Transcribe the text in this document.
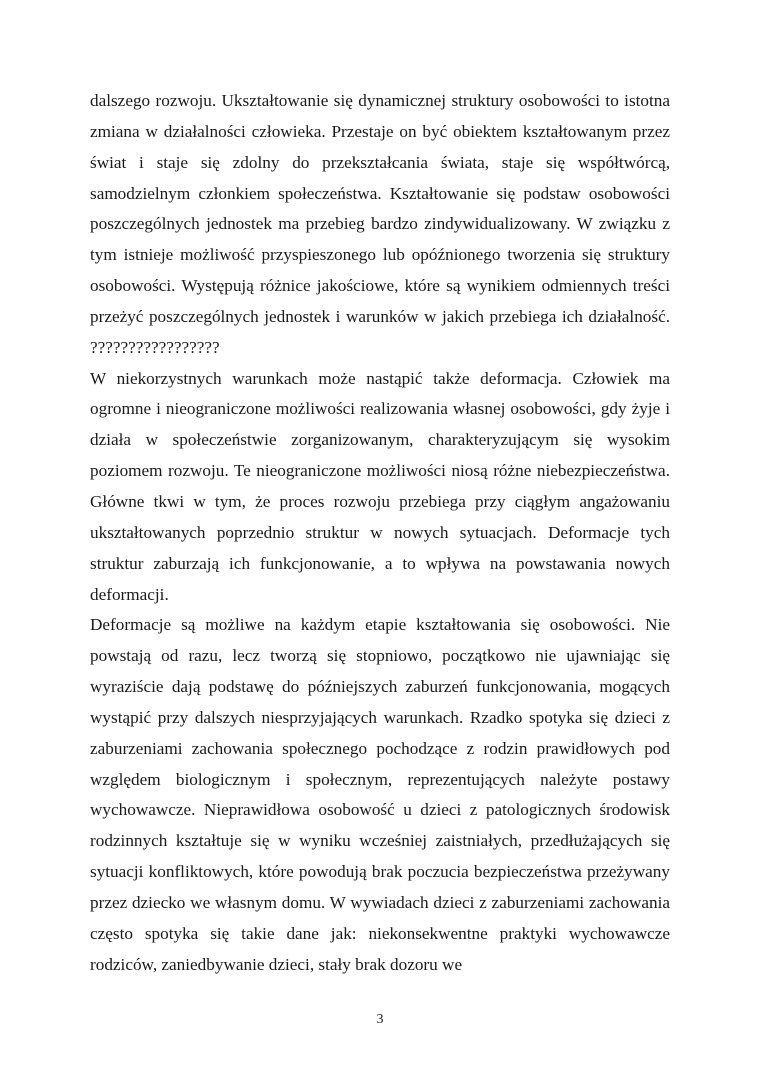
dalszego rozwoju. Ukształtowanie się dynamicznej struktury osobowości to istotna zmiana w działalności człowieka. Przestaje on być obiektem kształtowanym przez świat i staje się zdolny do przekształcania świata, staje się współtwórcą, samodzielnym członkiem społeczeństwa. Kształtowanie się podstaw osobowości poszczególnych jednostek ma przebieg bardzo zindywidualizowany. W związku z tym istnieje możliwość przyspieszonego lub opóźnionego tworzenia się struktury osobowości. Występują różnice jakościowe, które są wynikiem odmiennych treści przeżyć poszczególnych jednostek i warunków w jakich przebiega ich działalność. ?????????????????

W niekorzystnych warunkach może nastąpić także deformacja. Człowiek ma ogromne i nieograniczone możliwości realizowania własnej osobowości, gdy żyje i działa w społeczeństwie zorganizowanym, charakteryzującym się wysokim poziomem rozwoju. Te nieograniczone możliwości niosą różne niebezpieczeństwa. Główne tkwi w tym, że proces rozwoju przebiega przy ciągłym angażowaniu ukształtowanych poprzednio struktur w nowych sytuacjach. Deformacje tych struktur zaburzają ich funkcjonowanie, a to wpływa na powstawania nowych deformacji.

Deformacje są możliwe na każdym etapie kształtowania się osobowości. Nie powstają od razu, lecz tworzą się stopniowo, początkowo nie ujawniając się wyraziście dają podstawę do późniejszych zaburzeń funkcjonowania, mogących wystąpić przy dalszych niesprzyjających warunkach. Rzadko spotyka się dzieci z zaburzeniami zachowania społecznego pochodzące z rodzin prawidłowych pod względem biologicznym i społecznym, reprezentujących należyte postawy wychowawcze. Nieprawidłowa osobowość u dzieci z patologicznych środowisk rodzinnych kształtuje się w wyniku wcześniej zaistniałych, przedłużających się sytuacji konfliktowych, które powodują brak poczucia bezpieczeństwa przeżywany przez dziecko we własnym domu. W wywiadach dzieci z zaburzeniami zachowania często spotyka się takie dane jak: niekonsekwentne praktyki wychowawcze rodziców, zaniedbywanie dzieci, stały brak dozoru we

3
